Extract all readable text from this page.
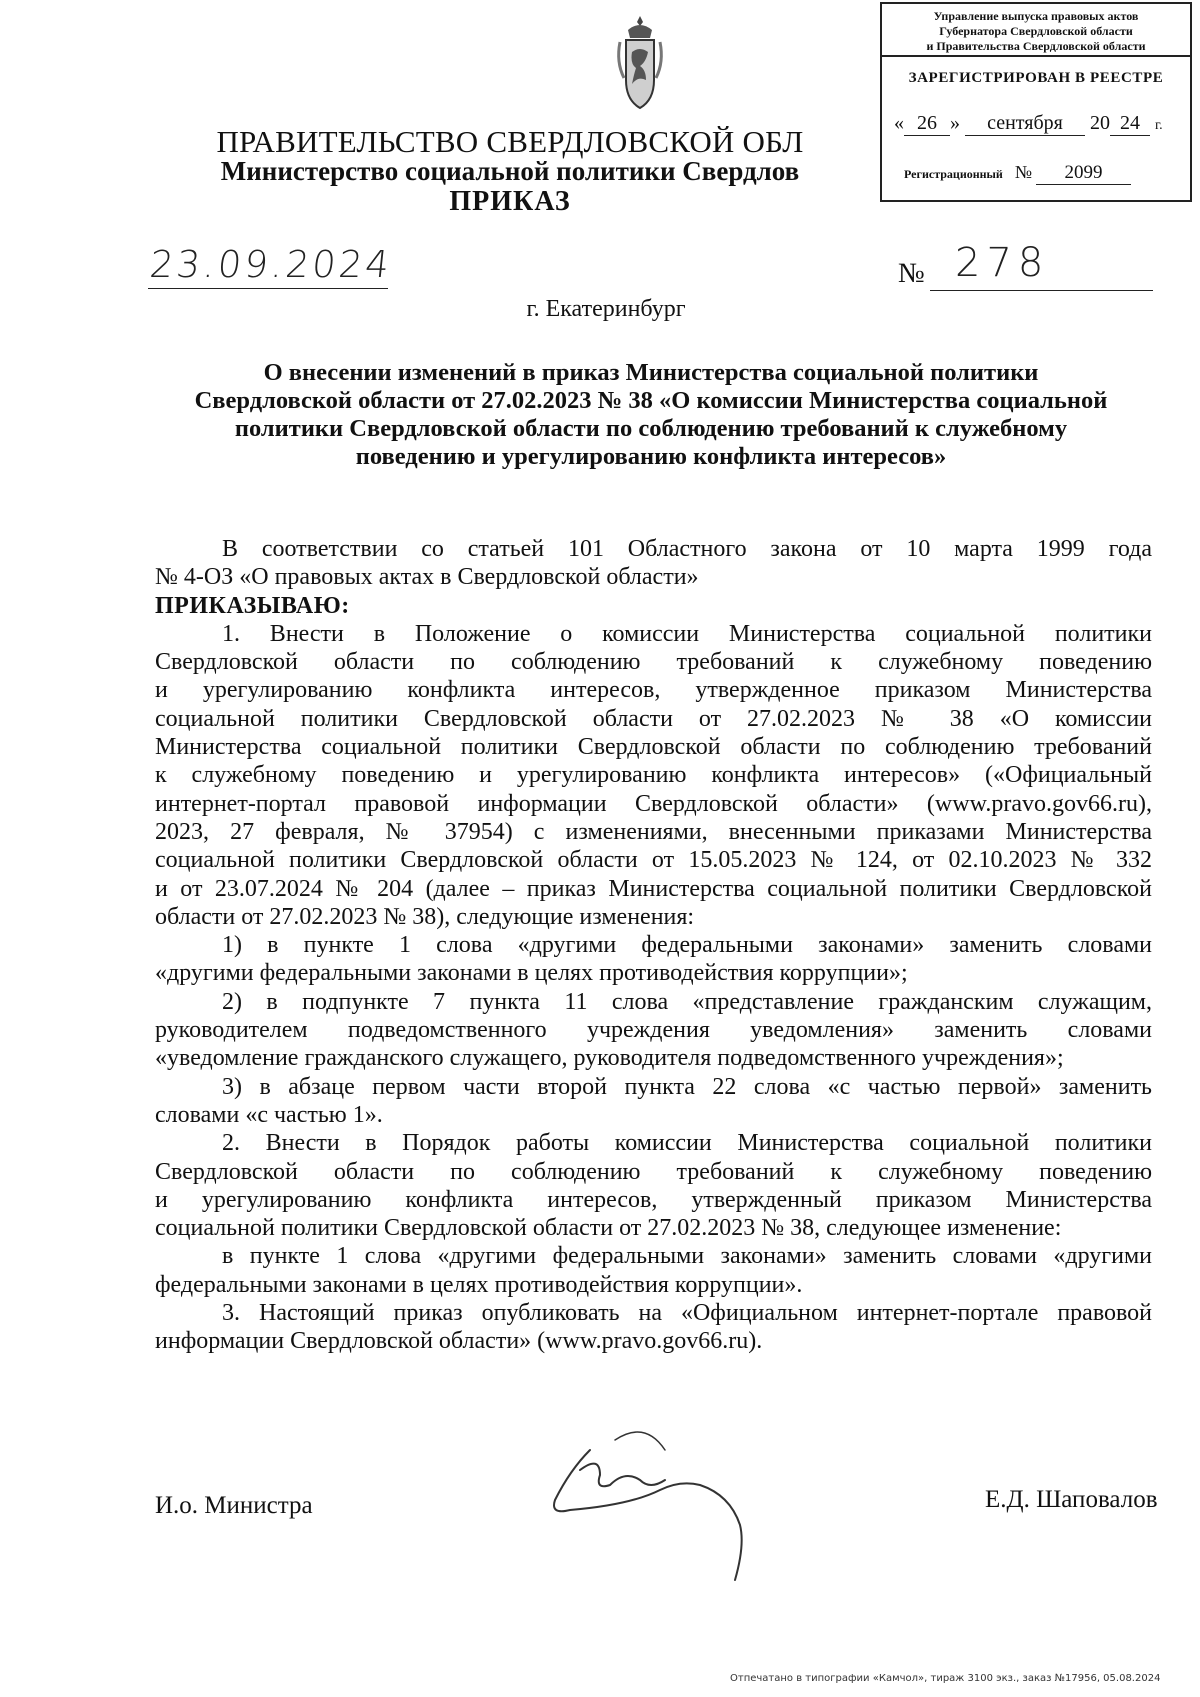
Управление выпуска правовых актов
Губернатора Свердловской области
и Правительства Свердловской области
ЗАРЕГИСТРИРОВАН В РЕЕСТРЕ
« 26 » сентября 20 24 г.
Регистрационный № 2099
ПРАВИТЕЛЬСТВО СВЕРДЛОВСКОЙ ОБЛ
Министерство социальной политики Свердлов
ПРИКАЗ
23.09.2024	№ 278
г. Екатеринбург
О внесении изменений в приказ Министерства социальной политики
Свердловской области от 27.02.2023 № 38 «О комиссии Министерства социальной
политики Свердловской области по соблюдению требований к служебному
поведению и урегулированию конфликта интересов»
В соответствии со статьей 101 Областного закона от 10 марта 1999 года
№ 4-ОЗ «О правовых актах в Свердловской области»
ПРИКАЗЫВАЮ:
1. Внести в Положение о комиссии Министерства социальной политики
Свердловской области по соблюдению требований к служебному поведению
и урегулированию конфликта интересов, утвержденное приказом Министерства
социальной политики Свердловской области от 27.02.2023 № 38 «О комиссии
Министерства социальной политики Свердловской области по соблюдению требований
к служебному поведению и урегулированию конфликта интересов» («Официальный
интернет-портал правовой информации Свердловской области» (www.pravo.gov66.ru),
2023, 27 февраля, № 37954) с изменениями, внесенными приказами Министерства
социальной политики Свердловской области от 15.05.2023 № 124, от 02.10.2023 № 332
и от 23.07.2024 № 204 (далее – приказ Министерства социальной политики Свердловской
области от 27.02.2023 № 38), следующие изменения:
1) в пункте 1 слова «другими федеральными законами» заменить словами
«другими федеральными законами в целях противодействия коррупции»;
2) в подпункте 7 пункта 11 слова «представление гражданским служащим,
руководителем подведомственного учреждения уведомления» заменить словами
«уведомление гражданского служащего, руководителя подведомственного учреждения»;
3) в абзаце первом части второй пункта 22 слова «с частью первой» заменить
словами «с частью 1».
2. Внести в Порядок работы комиссии Министерства социальной политики
Свердловской области по соблюдению требований к служебному поведению
и урегулированию конфликта интересов, утвержденный приказом Министерства
социальной политики Свердловской области от 27.02.2023 № 38, следующее изменение:
в пункте 1 слова «другими федеральными законами» заменить словами «другими
федеральными законами в целях противодействия коррупции».
3. Настоящий приказ опубликовать на «Официальном интернет-портале правовой
информации Свердловской области» (www.pravo.gov66.ru).
И.о. Министра	Е.Д. Шаповалов
Отпечатано в типографии «Камчол», тираж 3100 экз., заказ №17956, 05.08.2024
